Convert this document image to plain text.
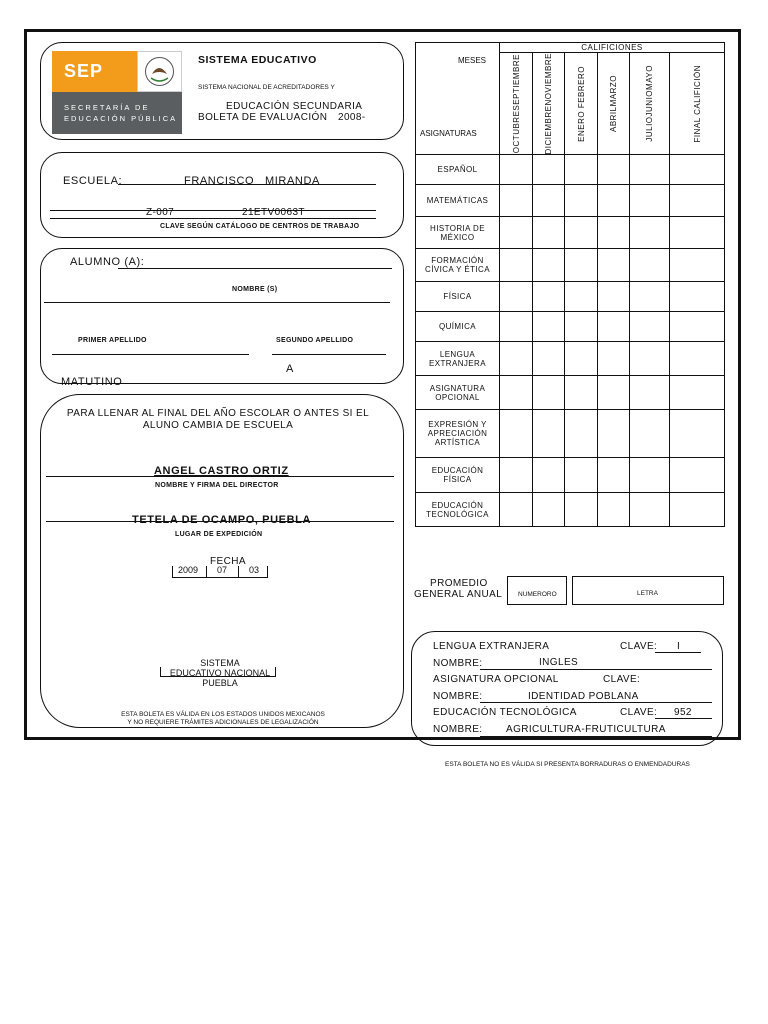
SEP
SECRETARÍA DE
EDUCACIÓN PÚBLICA
SISTEMA EDUCATIVO
SISTEMA NACIONAL DE ACREDITADORES Y
EDUCACIÓN SECUNDARIA
BOLETA DE EVALUACIÓN 2008-
ESCUELA:	FRANCISCO MIRANDA
Z-007	21ETV0063T
CLAVE SEGÚN CATÁLOGO DE CENTROS DE TRABAJO
ALUMNO (A):
NOMBRE (S)
PRIMER APELLIDO	SEGUNDO APELLIDO
A
MATUTINO
PARA LLENAR AL FINAL DEL AÑO ESCOLAR O ANTES SI EL ALUNO CAMBIA DE ESCUELA
ANGEL CASTRO ORTIZ
NOMBRE Y FIRMA DEL DIRECTOR
TETELA DE OCAMPO, PUEBLA
LUGAR DE EXPEDICIÓN
FECHA
2009 07 03
SISTEMA
EDUCATIVO NACIONAL
PUEBLA
ESTA BOLETA ES VÁLIDA EN LOS ESTADOS UNIDOS MEXICANOS
Y NO REQUIERE TRÁMITES ADICIONALES DE LEGALIZACIÓN
MESES
ASIGNATURAS	CALIFICIONES					

	OCTUBRESEPTIEMBRE	DICIEMBRENOVIEMBRE	ENERO FEBRERO	ABRILMARZO	JULIOJUNIOMAYO	FINAL CALIFICIÓN

ESPAÑOL						
MATEMÁTICAS						
HISTORIA DE MÉXICO						
FORMACIÓN CÍVICA Y ÉTICA						
FÍSICA						
QUÍMICA						
LENGUA EXTRANJERA						
ASIGNATURA OPCIONAL						
EXPRESIÓN Y APRECIACIÓN ARTÍSTICA						
EDUCACIÓN FÍSICA						
EDUCACIÓN TECNOLÓGICA						
PROMEDIO
GENERAL ANUAL NUMERORO	LETRA
LENGUA EXTRANJERA	CLAVE: I
NOMBRE:	INGLES
ASIGNATURA OPCIONAL	CLAVE:
NOMBRE:	IDENTIDAD POBLANA
EDUCACIÓN TECNOLÓGICA	CLAVE: 952
NOMBRE: AGRICULTURA-FRUTICULTURA
ESTA BOLETA NO ES VÁLIDA SI PRESENTA BORRADURAS O ENMENDADURAS
